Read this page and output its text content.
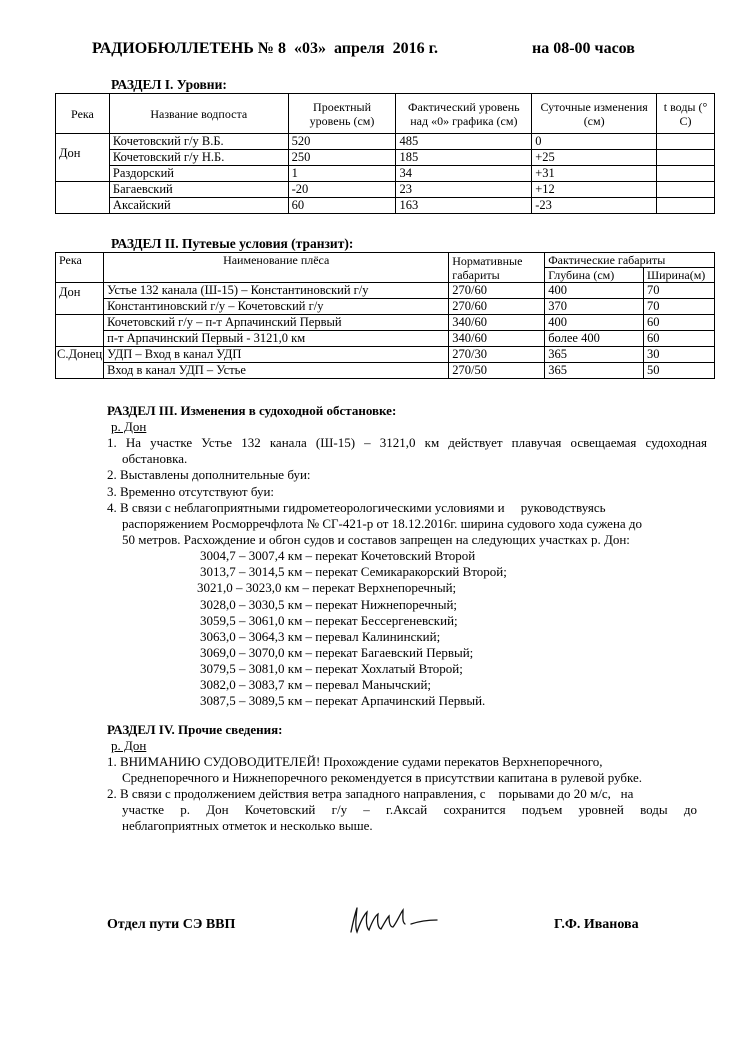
РАДИОБЮЛЛЕТЕНЬ № 8  «03»  апреля  2016 г.	на 08-00 часов
РАЗДЕЛ I. Уровни:
Река	Название водпоста	Проектный уровень (см)	Фактический уровень над «0» графика (см)	Суточные изменения (см)	t воды (° С)
Дон	Кочетовский г/у В.Б.	520	485	0	
	Кочетовский г/у Н.Б.	250	185	+25	
	Раздорский	1	34	+31	
	Багаевский	-20	23	+12	
	Аксайский	60	163	-23	
РАЗДЕЛ II. Путевые условия (транзит):
Река	Наименование плёса	Нормативные габариты	Фактические габариты	
			Глубина (см)	Ширина(м)
Дон	Устье 132 канала (Ш-15) – Константиновский г/у	270/60	400	70
	Константиновский г/у – Кочетовский г/у	270/60	370	70
	Кочетовский г/у – п-т Арпачинский Первый	340/60	400	60
	п-т Арпачинский Первый - 3121,0 км	340/60	более 400	60
С.Донец	УДП – Вход в канал УДП	270/30	365	30
	Вход в канал УДП – Устье	270/50	365	50
РАЗДЕЛ III. Изменения в судоходной обстановке:
р. Дон
1. На участке Устье 132 канала (Ш-15) – 3121,0 км действует плавучая освещаемая судоходная
обстановка.
2. Выставлены дополнительные буи:
3. Временно отсутствуют буи:
4. В связи с неблагоприятными гидрометеорологическими условиями и     руководствуясь
распоряжением Росморречфлота № СГ-421-р от 18.12.2016г. ширина судового хода сужена до
50 метров. Расхождение и обгон судов и составов запрещен на следующих участках р. Дон:
3004,7 – 3007,4 км – перекат Кочетовский Второй
3013,7 – 3014,5 км – перекат Семикаракорский Второй;
3021,0 – 3023,0 км – перекат Верхнепоречный;
3028,0 – 3030,5 км – перекат Нижнепоречный;
3059,5 – 3061,0 км – перекат Бессергеневский;
3063,0 – 3064,3 км – перевал Калининский;
3069,0 – 3070,0 км – перекат Багаевский Первый;
3079,5 – 3081,0 км – перекат Хохлатый Второй;
3082,0 – 3083,7 км – перевал Манычский;
3087,5 – 3089,5 км – перекат Арпачинский Первый.
РАЗДЕЛ IV. Прочие сведения:
р. Дон
1. ВНИМАНИЮ СУДОВОДИТЕЛЕЙ! Прохождение судами перекатов Верхнепоречного,
Среднепоречного и Нижнепоречного рекомендуется в присутствии капитана в рулевой рубке.
2. В связи с продолжением действия ветра западного направления, с    порывами до 20 м/с,   на
участке р. Дон Кочетовский г/у – г.Аксай сохранится подъем уровней воды до
неблагоприятных отметок и несколько выше.
Отдел пути СЭ ВВП	Г.Ф. Иванова
